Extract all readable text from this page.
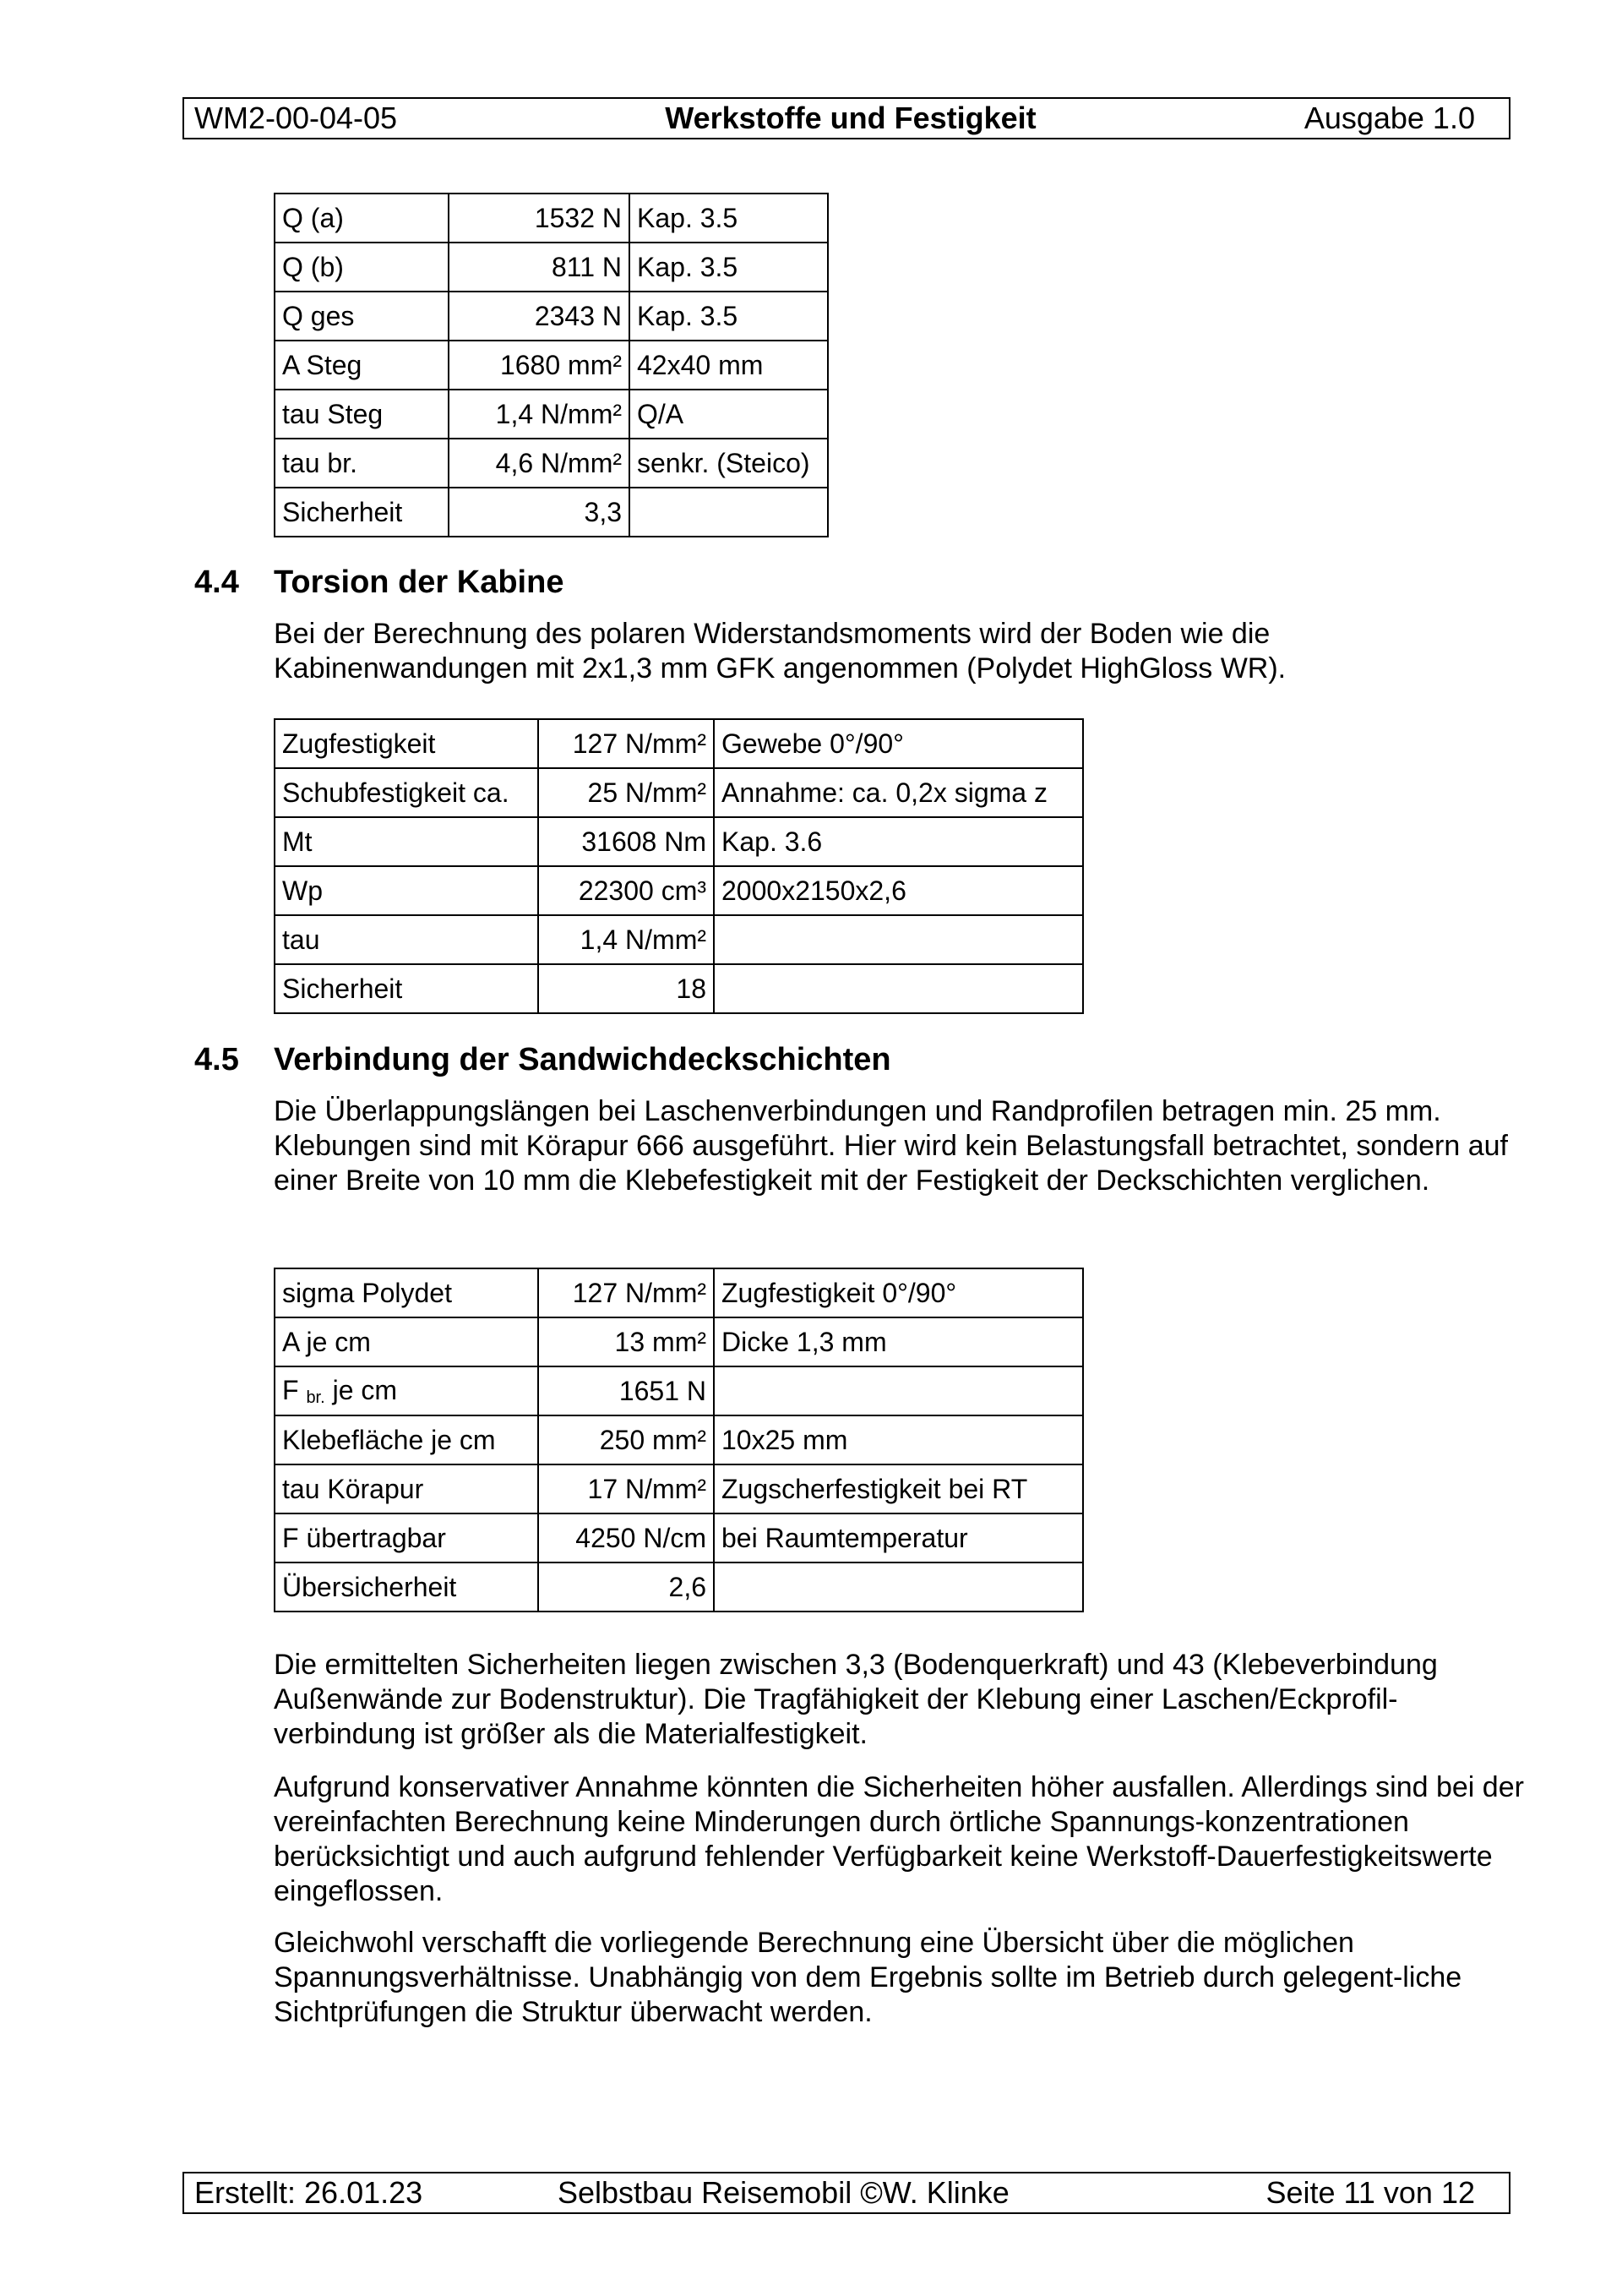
WM2-00-04-05	Werkstoffe und Festigkeit	Ausgabe 1.0
Q (a)	1532 N	Kap. 3.5
Q (b)	811 N	Kap. 3.5
Q ges	2343 N	Kap. 3.5
A Steg	1680 mm²	42x40 mm
tau Steg	1,4 N/mm²	Q/A
tau br.	4,6 N/mm²	senkr. (Steico)
Sicherheit	3,3	
4.4 Torsion der Kabine

Bei der Berechnung des polaren Widerstandsmoments wird der Boden wie die Kabinenwandungen mit 2x1,3 mm GFK angenommen (Polydet HighGloss WR).

Zugfestigkeit	127 N/mm²	Gewebe 0°/90°
Schubfestigkeit ca.	25 N/mm²	Annahme: ca. 0,2x sigma z
Mt	31608 Nm	Kap. 3.6
Wp	22300 cm³	2000x2150x2,6
tau	1,4 N/mm²	
Sicherheit	18	
4.5 Verbindung der Sandwichdeckschichten

Die Überlappungslängen bei Laschenverbindungen und Randprofilen betragen min. 25 mm. Klebungen sind mit Körapur 666 ausgeführt. Hier wird kein Belastungsfall betrachtet, sondern auf einer Breite von 10 mm die Klebefestigkeit mit der Festigkeit der Deckschichten verglichen.

sigma Polydet	127 N/mm²	Zugfestigkeit 0°/90°
A je cm	13 mm²	Dicke 1,3 mm
F $_{br.}$ je cm	1651 N	
Klebefläche je cm	250 mm²	10x25 mm
tau Körapur	17 N/mm²	Zugscherfestigkeit bei RT
F übertragbar	4250 N/cm	bei Raumtemperatur
Übersicherheit	2,6	

Die ermittelten Sicherheiten liegen zwischen 3,3 (Bodenquerkraft) und 43 (Klebeverbindung Außenwände zur Bodenstruktur). Die Tragfähigkeit der Klebung einer Laschen/Eckprofil-verbindung ist größer als die Materialfestigkeit.

Aufgrund konservativer Annahme könnten die Sicherheiten höher ausfallen. Allerdings sind bei der vereinfachten Berechnung keine Minderungen durch örtliche Spannungs-konzentrationen berücksichtigt und auch aufgrund fehlender Verfügbarkeit keine Werkstoff-Dauerfestigkeitswerte eingeflossen.

Gleichwohl verschafft die vorliegende Berechnung eine Übersicht über die möglichen Spannungsverhältnisse. Unabhängig von dem Ergebnis sollte im Betrieb durch gelegent-liche Sichtprüfungen die Struktur überwacht werden.

Erstellt: 26.01.23	Selbstbau Reisemobil ©W. Klinke	Seite 11 von 12
